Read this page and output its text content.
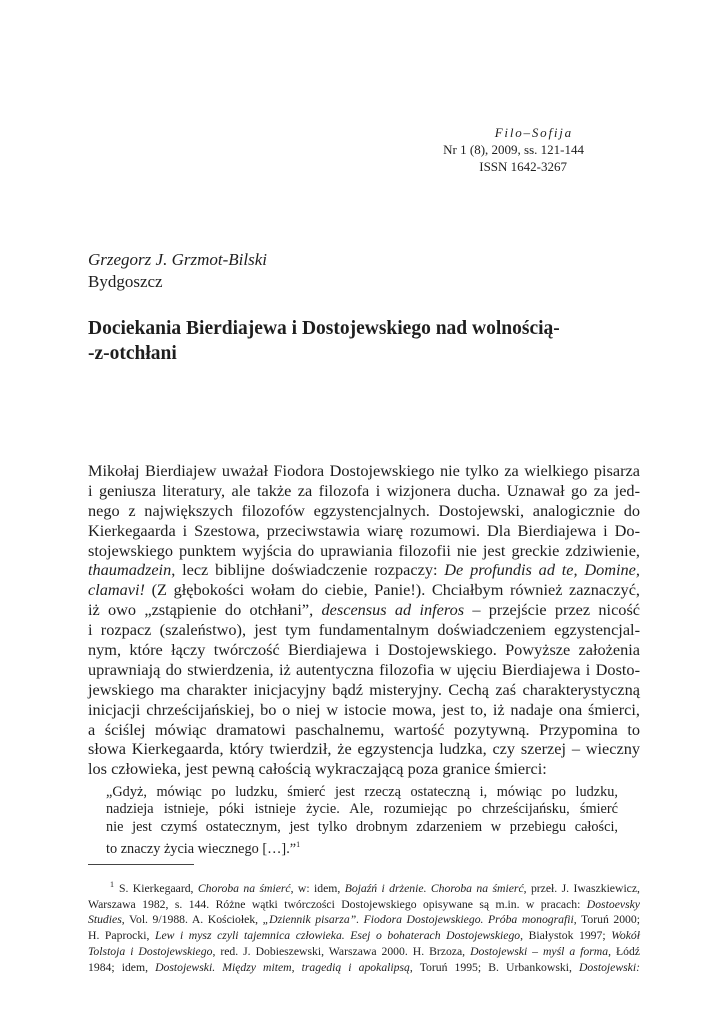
Filo–Sofija
Nr 1 (8), 2009, ss. 121-144
ISSN 1642-3267
Grzegorz J. Grzmot-Bilski
Bydgoszcz
Dociekania Bierdiajewa i Dostojewskiego nad wolnością-
-z-otchłani
Mikołaj Bierdiajew uważał Fiodora Dostojewskiego nie tylko za wielkiego pisarza
i geniusza literatury, ale także za filozofa i wizjonera ducha. Uznawał go za jed-
nego z największych filozofów egzystencjalnych. Dostojewski, analogicznie do
Kierkegaarda i Szestowa, przeciwstawia wiarę rozumowi. Dla Bierdiajewa i Do-
stojewskiego punktem wyjścia do uprawiania filozofii nie jest greckie zdziwienie,
thaumadzein, lecz biblijne doświadczenie rozpaczy: De profundis ad te, Domine,
clamavi! (Z głębokości wołam do ciebie, Panie!). Chciałbym również zaznaczyć,
iż owo „zstąpienie do otchłani”, descensus ad inferos – przejście przez nicość
i rozpacz (szaleństwo), jest tym fundamentalnym doświadczeniem egzystencjal-
nym, które łączy twórczość Bierdiajewa i Dostojewskiego. Powyższe założenia
uprawniają do stwierdzenia, iż autentyczna filozofia w ujęciu Bierdiajewa i Dosto-
jewskiego ma charakter inicjacyjny bądź misteryjny. Cechą zaś charakterystyczną
inicjacji chrześcijańskiej, bo o niej w istocie mowa, jest to, iż nadaje ona śmierci,
a ściślej mówiąc dramatowi paschalnemu, wartość pozytywną. Przypomina to
słowa Kierkegaarda, który twierdził, że egzystencja ludzka, czy szerzej – wieczny
los człowieka, jest pewną całością wykraczającą poza granice śmierci:
„Gdyż, mówiąc po ludzku, śmierć jest rzeczą ostateczną i, mówiąc po ludzku,
nadzieja istnieje, póki istnieje życie. Ale, rozumiejąc po chrześcijańsku, śmierć
nie jest czymś ostatecznym, jest tylko drobnym zdarzeniem w przebiegu całości,
to znaczy życia wiecznego […].”$^1$
$^1$ S. Kierkegaard, Choroba na śmierć, w: idem, Bojaźń i drżenie. Choroba na śmierć, przeł. J. Iwaszkiewicz,
Warszawa 1982, s. 144. Różne wątki twórczości Dostojewskiego opisywane są m.in. w pracach: Dostoevsky
Studies, Vol. 9/1988. A. Kościołek, „Dziennik pisarza”. Fiodora Dostojewskiego. Próba monografii, Toruń 2000;
H. Paprocki, Lew i mysz czyli tajemnica człowieka. Esej o bohaterach Dostojewskiego, Białystok 1997; Wokół
Tolstoja i Dostojewskiego, red. J. Dobieszewski, Warszawa 2000. H. Brzoza, Dostojewski – myśl a forma, Łódź
1984; idem, Dostojewski. Między mitem, tragedią i apokalipsą, Toruń 1995; B. Urbankowski, Dostojewski:
